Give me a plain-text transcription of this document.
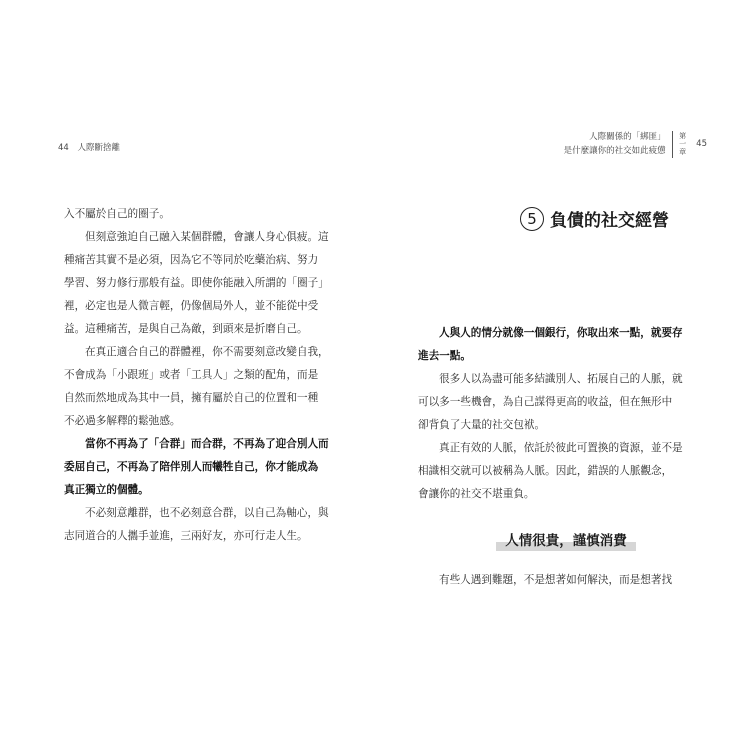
44 人際斷捨離
人際關係的「綁匪」
是什麼讓你的社交如此疲憊
第
一
章
45
入不屬於自己的圈子。
但刻意強迫自己融入某個群體，會讓人身心俱疲。這
種痛苦其實不是必須，因為它不等同於吃藥治病、努力
學習、努力修行那般有益。即使你能融入所謂的「圈子」
裡，必定也是人微言輕，仍像個局外人，並不能從中受
益。這種痛苦，是與自己為敵，到頭來是折磨自己。
在真正適合自己的群體裡，你不需要刻意改變自我，
不會成為「小跟班」或者「工具人」之類的配角，而是
自然而然地成為其中一員，擁有屬於自己的位置和一種
不必過多解釋的鬆弛感。
當你不再為了「合群」而合群，不再為了迎合別人而
委屈自己，不再為了陪伴別人而犧牲自己，你才能成為
真正獨立的個體。
不必刻意離群，也不必刻意合群，以自己為軸心，與
志同道合的人攜手並進，三兩好友，亦可行走人生。
5 負債的社交經營
人與人的情分就像一個銀行，你取出來一點，就要存
進去一點。
很多人以為盡可能多結識別人、拓展自己的人脈，就
可以多一些機會，為自己謀得更高的收益，但在無形中
卻背負了大量的社交包袱。
真正有效的人脈，依託於彼此可置換的資源，並不是
相識相交就可以被稱為人脈。因此，錯誤的人脈觀念，
會讓你的社交不堪重負。
人情很貴，謹慎消費
有些人遇到難題，不是想著如何解決，而是想著找
